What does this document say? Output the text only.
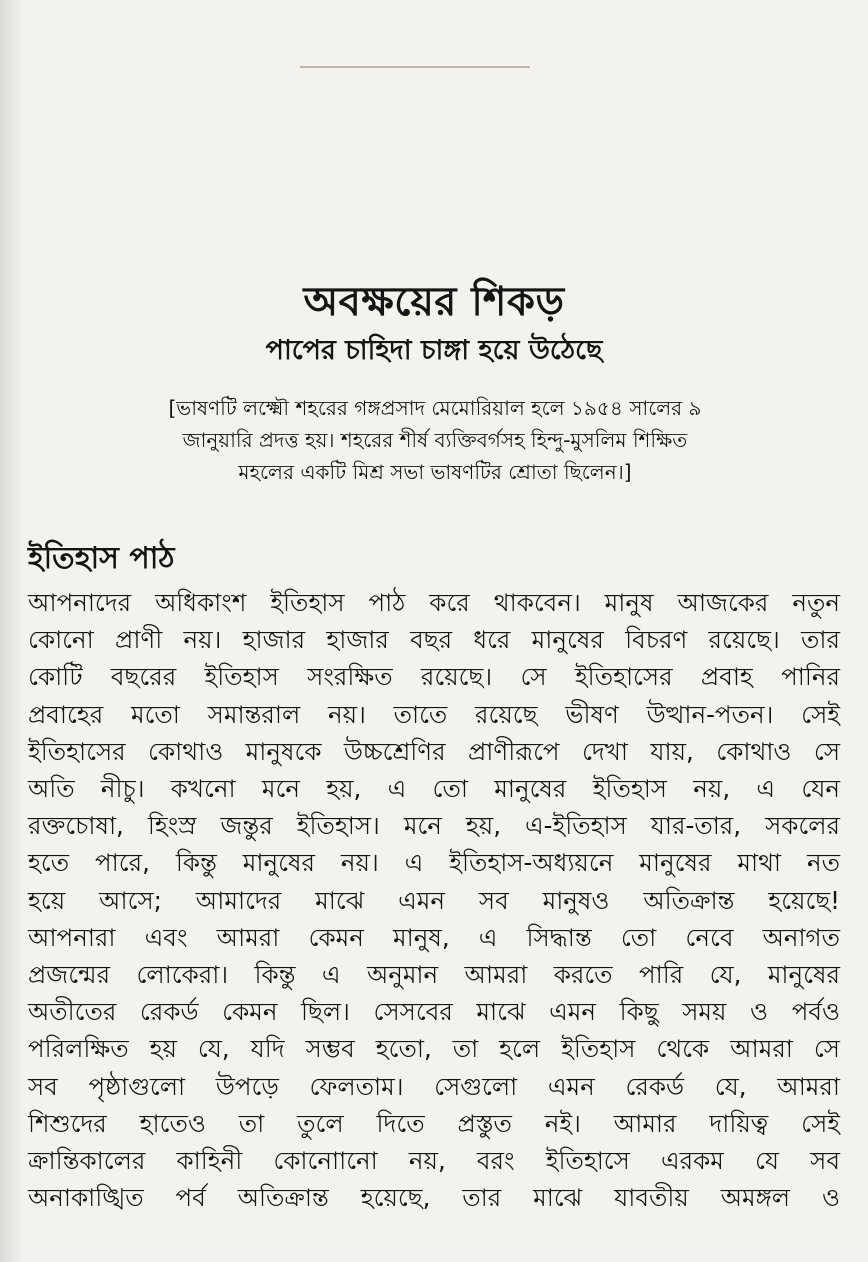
অবক্ষয়ের শিকড়
পাপের চাহিদা চাঙ্গা হয়ে উঠেছে
[ভাষণটি লক্ষ্মৌ শহরের গঙ্গপ্রসাদ মেমোরিয়াল হলে ১৯৫৪ সালের ৯
জানুয়ারি প্রদত্ত হয়। শহরের শীর্ষ ব্যক্তিবর্গসহ হিন্দু-মুসলিম শিক্ষিত
মহলের একটি মিশ্র সভা ভাষণটির শ্রোতা ছিলেন।]
ইতিহাস পাঠ
আপনাদের অধিকাংশ ইতিহাস পাঠ করে থাকবেন। মানুষ আজকের নতুন
কোনো প্রাণী নয়। হাজার হাজার বছর ধরে মানুষের বিচরণ রয়েছে। তার
কোটি বছরের ইতিহাস সংরক্ষিত রয়েছে। সে ইতিহাসের প্রবাহ পানির
প্রবাহের মতো সমান্তরাল নয়। তাতে রয়েছে ভীষণ উত্থান-পতন। সেই
ইতিহাসের কোথাও মানুষকে উচ্চশ্রেণির প্রাণীরূপে দেখা যায়, কোথাও সে
অতি নীচু। কখনো মনে হয়, এ তো মানুষের ইতিহাস নয়, এ যেন
রক্তচোষা, হিংস্র জন্তুর ইতিহাস। মনে হয়, এ-ইতিহাস যার-তার, সকলের
হতে পারে, কিন্তু মানুষের নয়। এ ইতিহাস-অধ্যয়নে মানুষের মাথা নত
হয়ে আসে; আমাদের মাঝে এমন সব মানুষও অতিক্রান্ত হয়েছে!
আপনারা এবং আমরা কেমন মানুষ, এ সিদ্ধান্ত তো নেবে অনাগত
প্রজন্মের লোকেরা। কিন্তু এ অনুমান আমরা করতে পারি যে, মানুষের
অতীতের রেকর্ড কেমন ছিল। সেসবের মাঝে এমন কিছু সময় ও পর্বও
পরিলক্ষিত হয় যে, যদি সম্ভব হতো, তা হলে ইতিহাস থেকে আমরা সে
সব পৃষ্ঠাগুলো উপড়ে ফেলতাম। সেগুলো এমন রেকর্ড যে, আমরা
শিশুদের হাতেও তা তুলে দিতে প্রস্তুত নই। আমার দায়িত্ব সেই
ক্রান্তিকালের কাহিনী কোনোানো নয়, বরং ইতিহাসে এরকম যে সব
অনাকাঙ্খিত পর্ব অতিক্রান্ত হয়েছে, তার মাঝে যাবতীয় অমঙ্গল ও
